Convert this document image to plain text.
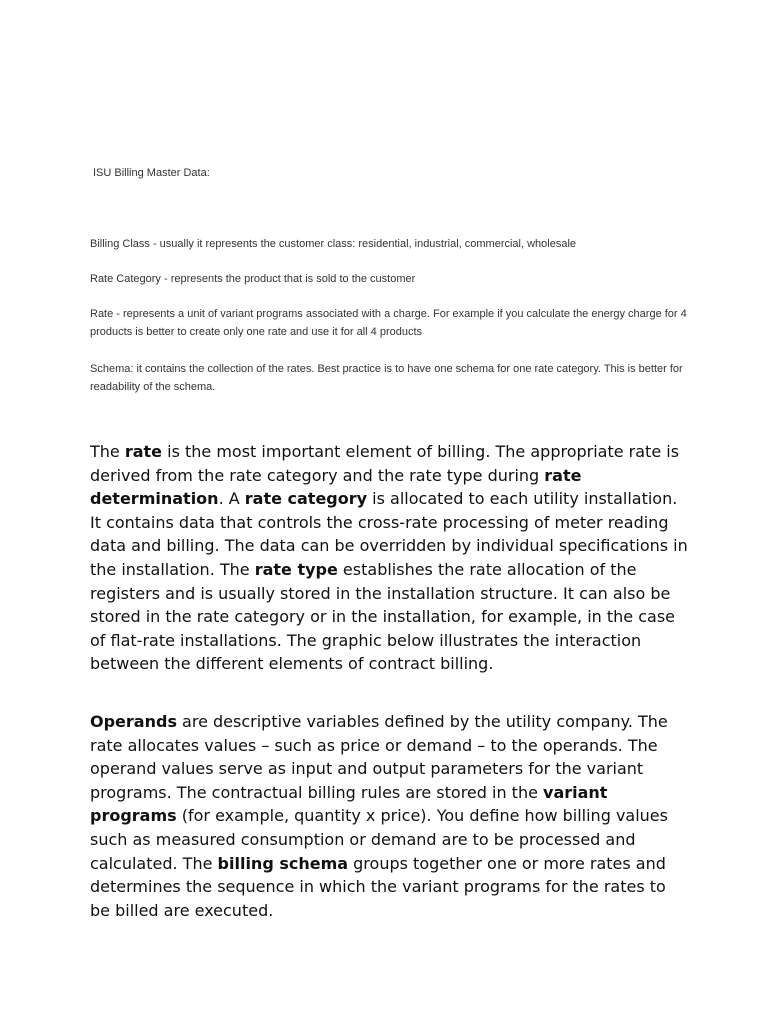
ISU Billing Master Data:

Billing Class - usually it represents the customer class: residential, industrial, commercial, wholesale

Rate Category - represents the product that is sold to the customer

Rate - represents a unit of variant programs associated with a charge. For example if you calculate the energy charge for 4 products is better to create only one rate and use it for all 4 products

Schema: it contains the collection of the rates. Best practice is to have one schema for one rate category. This is better for readability of the schema.

The rate is the most important element of billing. The appropriate rate is derived from the rate category and the rate type during rate determination. A rate category is allocated to each utility installation. It contains data that controls the cross-rate processing of meter reading data and billing. The data can be overridden by individual specifications in the installation. The rate type establishes the rate allocation of the registers and is usually stored in the installation structure. It can also be stored in the rate category or in the installation, for example, in the case of flat-rate installations. The graphic below illustrates the interaction between the different elements of contract billing.

Operands are descriptive variables defined by the utility company. The rate allocates values – such as price or demand – to the operands. The operand values serve as input and output parameters for the variant programs. The contractual billing rules are stored in the variant programs (for example, quantity x price). You define how billing values such as measured consumption or demand are to be processed and calculated. The billing schema groups together one or more rates and determines the sequence in which the variant programs for the rates to be billed are executed.
